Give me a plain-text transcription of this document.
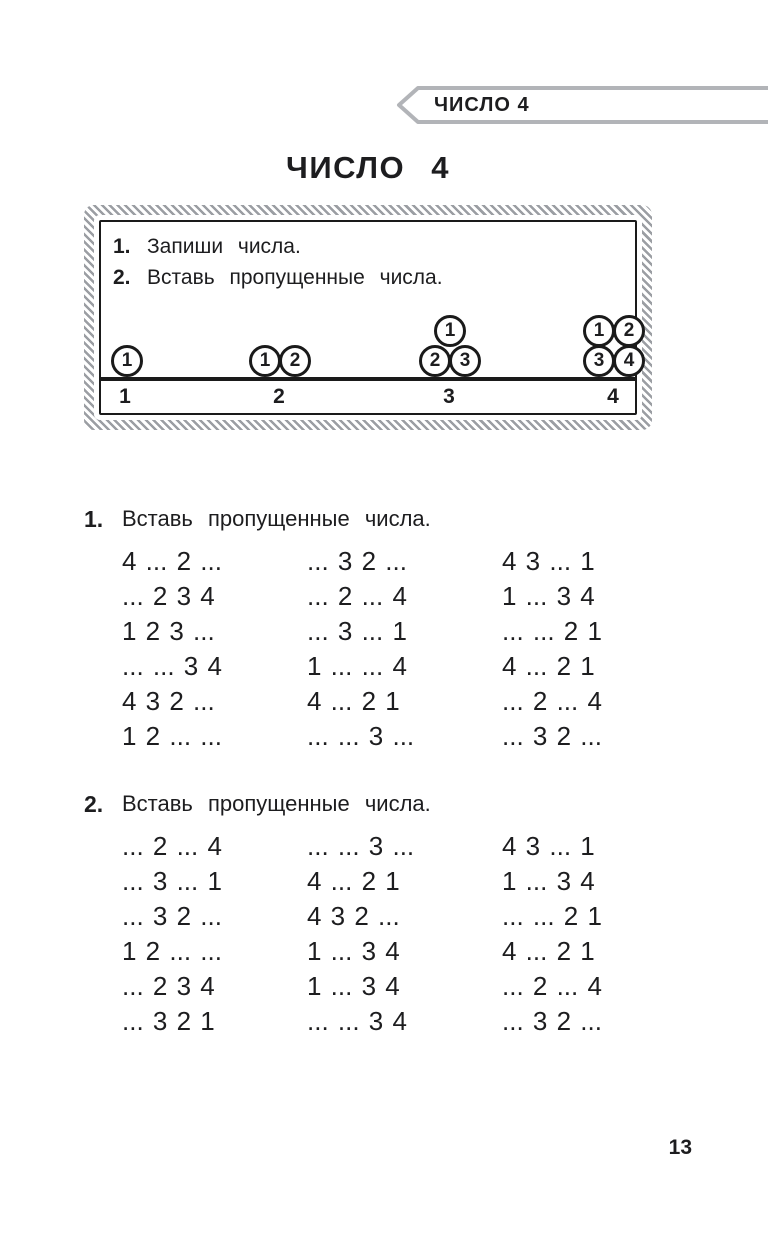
ЧИСЛО 4
ЧИСЛО 4
1. Запиши числа.
2. Вставь пропущенные числа.
1
1
1	2
2
1
2	3
3
1	2
3	4
4
1. Вставь пропущенные числа.
4 ... 2 ...	... 3 2 ...	4 3 ... 1
... 2 3 4	... 2 ... 4	1 ... 3 4
1 2 3 ...	... 3 ... 1	... ... 2 1
... ... 3 4	1 ... ... 4	4 ... 2 1
4 3 2 ...	4 ... 2 1	... 2 ... 4
1 2 ... ...	... ... 3 ...	... 3 2 ...
2. Вставь пропущенные числа.
... 2 ... 4	... ... 3 ...	4 3 ... 1
... 3 ... 1	4 ... 2 1	1 ... 3 4
... 3 2 ...	4 3 2 ...	... ... 2 1
1 2 ... ...	1 ... 3 4	4 ... 2 1
... 2 3 4	1 ... 3 4	... 2 ... 4
... 3 2 1	... ... 3 4	... 3 2 ...
13
